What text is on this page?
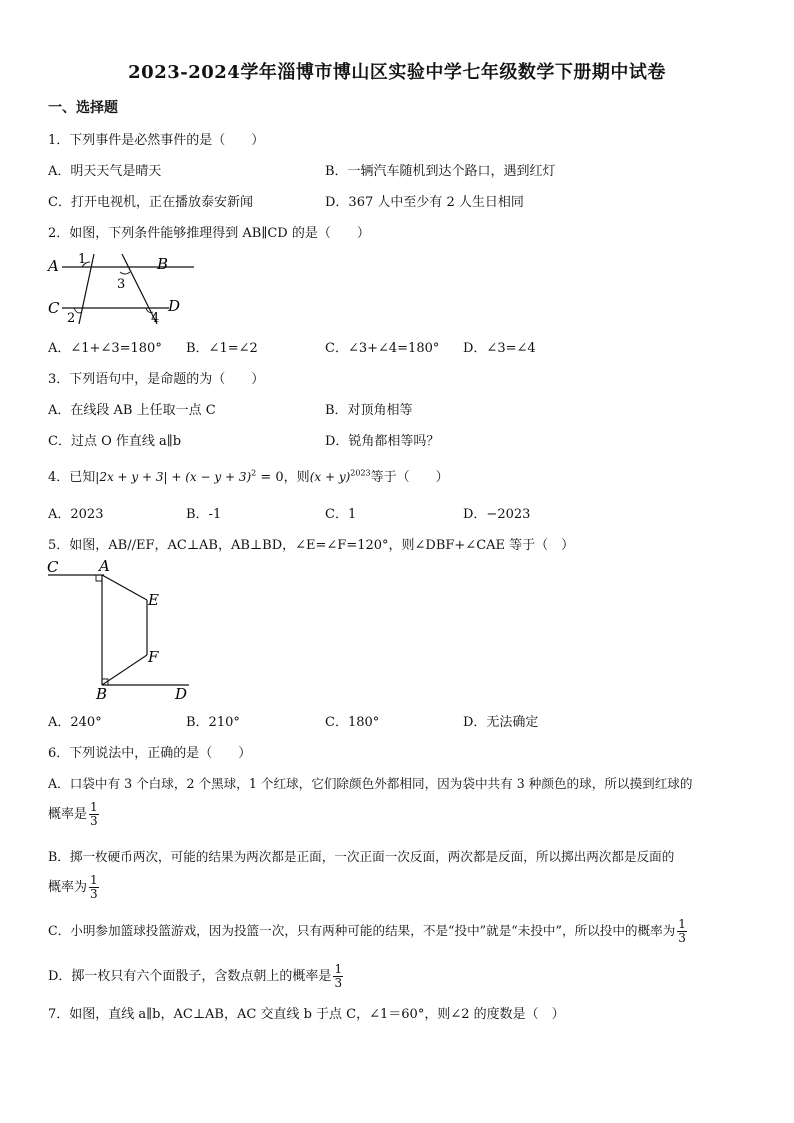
2023-2024学年淄博市博山区实验中学七年级数学下册期中试卷
一、选择题
1．下列事件是必然事件的是（　　）
A．明天天气是晴天	B．一辆汽车随机到达个路口，遇到红灯
C．打开电视机，正在播放泰安新闻	D．367 人中至少有 2 人生日相同
2．如图，下列条件能够推理得到 AB∥CD 的是（　　）
A	B
C	D
1
3
2	4
A．∠1+∠3=180° B．∠1=∠2	C．∠3+∠4=180° D．∠3=∠4
3．下列语句中，是命题的为（　　）
A．在线段 AB 上任取一点 C	B．对顶角相等
C．过点 O 作直线 a∥b	D．锐角都相等吗？
4．已知$|2x + y + 3| + (x - y + 3)^2 = 0$，则$(x + y)^{2023}$等于（　　）
A．2023	B．-1	C．1	D．−2023
5．如图，AB//EF，AC⊥AB，AB⊥BD，∠E=∠F=120°，则∠DBF+∠CAE 等于（　）
C	A
E
F
B	D
A．240°	B．210°	C．180°	D．无法确定
6．下列说法中，正确的是（　　）
A．口袋中有 3 个白球，2 个黑球，1 个红球，它们除颜色外都相同，因为袋中共有 3 种颜色的球，所以摸到红球的
概率是 $\frac{1}{3}$
B．掷一枚硬币两次，可能的结果为两次都是正面，一次正面一次反面，两次都是反面，所以掷出两次都是反面的
概率为 $\frac{1}{3}$
C．小明参加篮球投篮游戏，因为投篮一次，只有两种可能的结果，不是“投中”就是“未投中”，所以投中的概率为 $\frac{1}{3}$
D．掷一枚只有六个面骰子，含数点朝上的概率是 $\frac{1}{3}$
7．如图，直线 a∥b，AC⊥AB，AC 交直线 b 于点 C，∠1＝60°，则∠2 的度数是（　）
